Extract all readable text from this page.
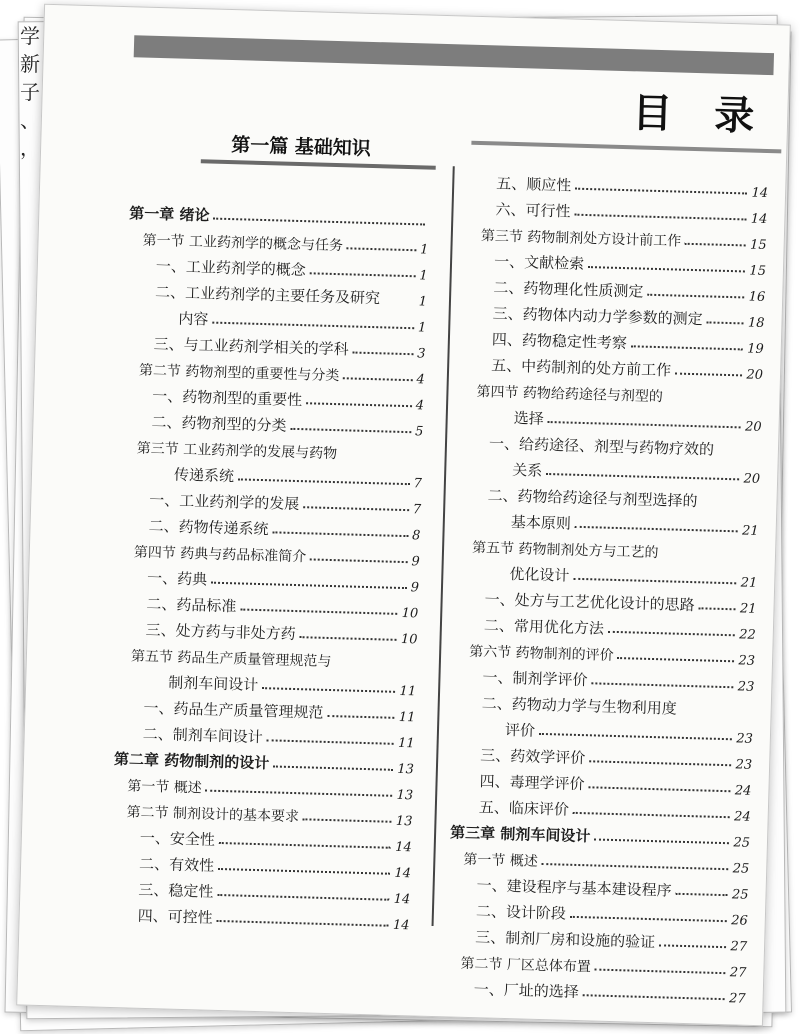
学
新
子
、
，
目 录
第一篇 基础知识
第一章 绪论
第一节 工业药剂学的概念与任务	1
一、工业药剂学的概念	1
二、工业药剂学的主要任务及研究	1
内容	1
三、与工业药剂学相关的学科	3
第二节 药物剂型的重要性与分类	4
一、药物剂型的重要性	4
二、药物剂型的分类	5
第三节 工业药剂学的发展与药物
传递系统	7
一、工业药剂学的发展	7
二、药物传递系统	8
第四节 药典与药品标准简介	9
一、药典	9
二、药品标准	10
三、处方药与非处方药	10
第五节 药品生产质量管理规范与
制剂车间设计	11
一、药品生产质量管理规范	11
二、制剂车间设计	11
第二章 药物制剂的设计	13
第一节 概述	13
第二节 制剂设计的基本要求	13
一、安全性	14
二、有效性	14
三、稳定性	14
四、可控性	14
五、顺应性	14
六、可行性	14
第三节 药物制剂处方设计前工作	15
一、文献检索	15
二、药物理化性质测定	16
三、药物体内动力学参数的测定	18
四、药物稳定性考察	19
五、中药制剂的处方前工作	20
第四节 药物给药途径与剂型的
选择	20
一、给药途径、剂型与药物疗效的
关系	20
二、药物给药途径与剂型选择的
基本原则	21
第五节 药物制剂处方与工艺的
优化设计	21
一、处方与工艺优化设计的思路	21
二、常用优化方法	22
第六节 药物制剂的评价	23
一、制剂学评价	23
二、药物动力学与生物利用度
评价	23
三、药效学评价	23
四、毒理学评价	24
五、临床评价	24
第三章 制剂车间设计	25
第一节 概述	25
一、建设程序与基本建设程序	25
二、设计阶段	26
三、制剂厂房和设施的验证	27
第二节 厂区总体布置	27
一、厂址的选择	27
